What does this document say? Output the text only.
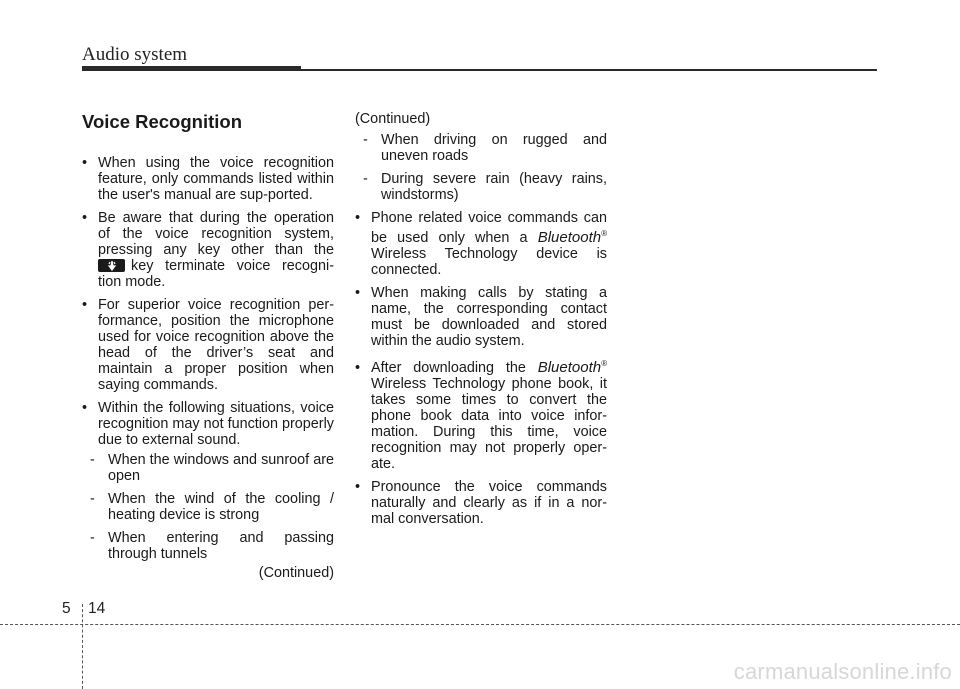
Audio system
Voice Recognition
• When using the voice recognition feature, only commands listed within the user's manual are sup-ported.
• Be aware that during the operation of the voice recognition system, pressing any key other than the
key terminate voice recogni-tion mode.
• For superior voice recognition per-formance, position the microphone used for voice recognition above the head of the driver’s seat and maintain a proper position when saying commands.
• Within the following situations, voice recognition may not function properly due to external sound.
- When the windows and sunroof are open
- When the wind of the cooling / heating device is strong
- When entering and passing through tunnels
(Continued)
(Continued)
- When driving on rugged and uneven roads
- During severe rain (heavy rains, windstorms)
• Phone related voice commands can be used only when a Bluetooth® Wireless Technology device is connected.
• When making calls by stating a name, the corresponding contact must be downloaded and stored within the audio system.
• After downloading the Bluetooth® Wireless Technology phone book, it takes some times to convert the phone book data into voice infor-mation. During this time, voice recognition may not properly oper-ate.
• Pronounce the voice commands naturally and clearly as if in a nor-mal conversation.
5 14
carmanualsonline.info
